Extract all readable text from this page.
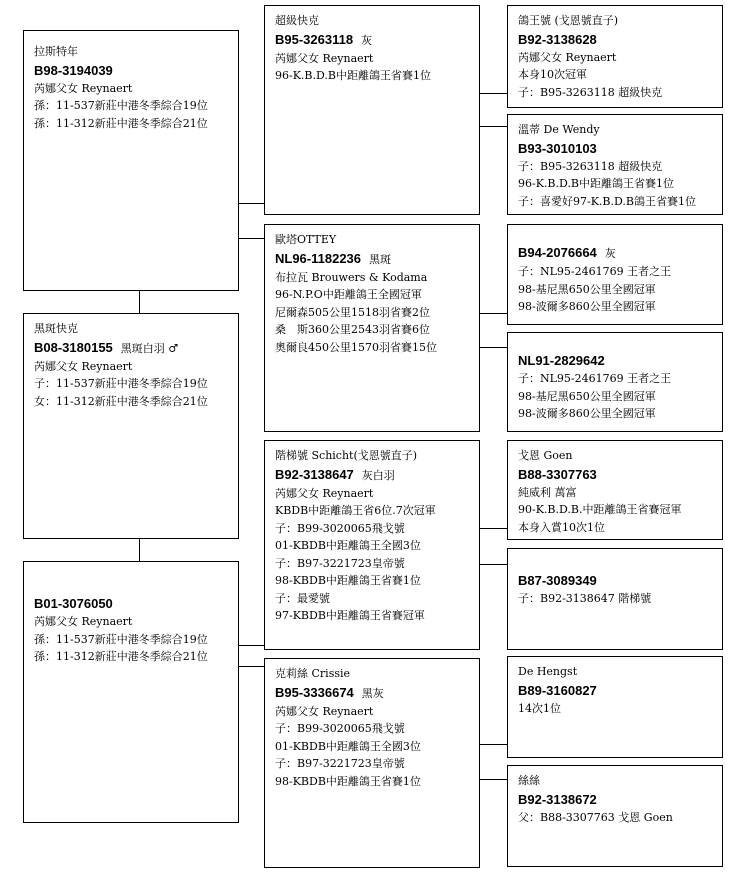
拉斯特年
B98-3194039
芮娜父女 Reynaert
孫：11-537新莊中港冬季綜合19位
孫：11-312新莊中港冬季綜合21位
黑斑快克
B08-3180155 黑斑白羽 ♂
芮娜父女 Reynaert
子：11-537新莊中港冬季綜合19位
女：11-312新莊中港冬季綜合21位
B01-3076050
芮娜父女 Reynaert
孫：11-537新莊中港冬季綜合19位
孫：11-312新莊中港冬季綜合21位
超級快克
B95-3263118 灰
芮娜父女 Reynaert
96-K.B.D.B中距離鴿王省賽1位
歐塔OTTEY
NL96-1182236 黑斑
布拉瓦 Brouwers & Kodama
96-N.P.O中距離鴿王全國冠軍
尼爾森505公里1518羽省賽2位
桑　斯360公里2543羽省賽6位
奧爾良450公里1570羽省賽15位
階梯號 Schicht(戈恩號直子)
B92-3138647 灰白羽
芮娜父女 Reynaert
KBDB中距離鴿王省6位.7次冠軍
子：B99-3020065飛戈號
01-KBDB中距離鴿王全國3位
子：B97-3221723皇帝號
98-KBDB中距離鴿王省賽1位
子：最愛號
97-KBDB中距離鴿王省賽冠軍
克莉絲 Crissie
B95-3336674 黑灰
芮娜父女 Reynaert
子：B99-3020065飛戈號
01-KBDB中距離鴿王全國3位
子：B97-3221723皇帝號
98-KBDB中距離鴿王省賽1位
鴿王號 (戈恩號直子)
B92-3138628
芮娜父女 Reynaert
本身10次冠軍
子：B95-3263118 超級快克
溫蒂 De Wendy
B93-3010103
子：B95-3263118 超級快克
96-K.B.D.B中距離鴿王省賽1位
子：喜愛好97-K.B.D.B鴿王省賽1位
B94-2076664 灰
子：NL95-2461769 王者之王
98-基尼黑650公里全國冠軍
98-波爾多860公里全國冠軍
NL91-2829642
子：NL95-2461769 王者之王
98-基尼黑650公里全國冠軍
98-波爾多860公里全國冠軍
戈恩 Goen
B88-3307763
純威利 萬富
90-K.B.D.B.中距離鴿王省賽冠軍
本身入賞10次1位
B87-3089349
子：B92-3138647 階梯號
De Hengst
B89-3160827
14次1位
絲絲
B92-3138672
父：B88-3307763 戈恩 Goen
